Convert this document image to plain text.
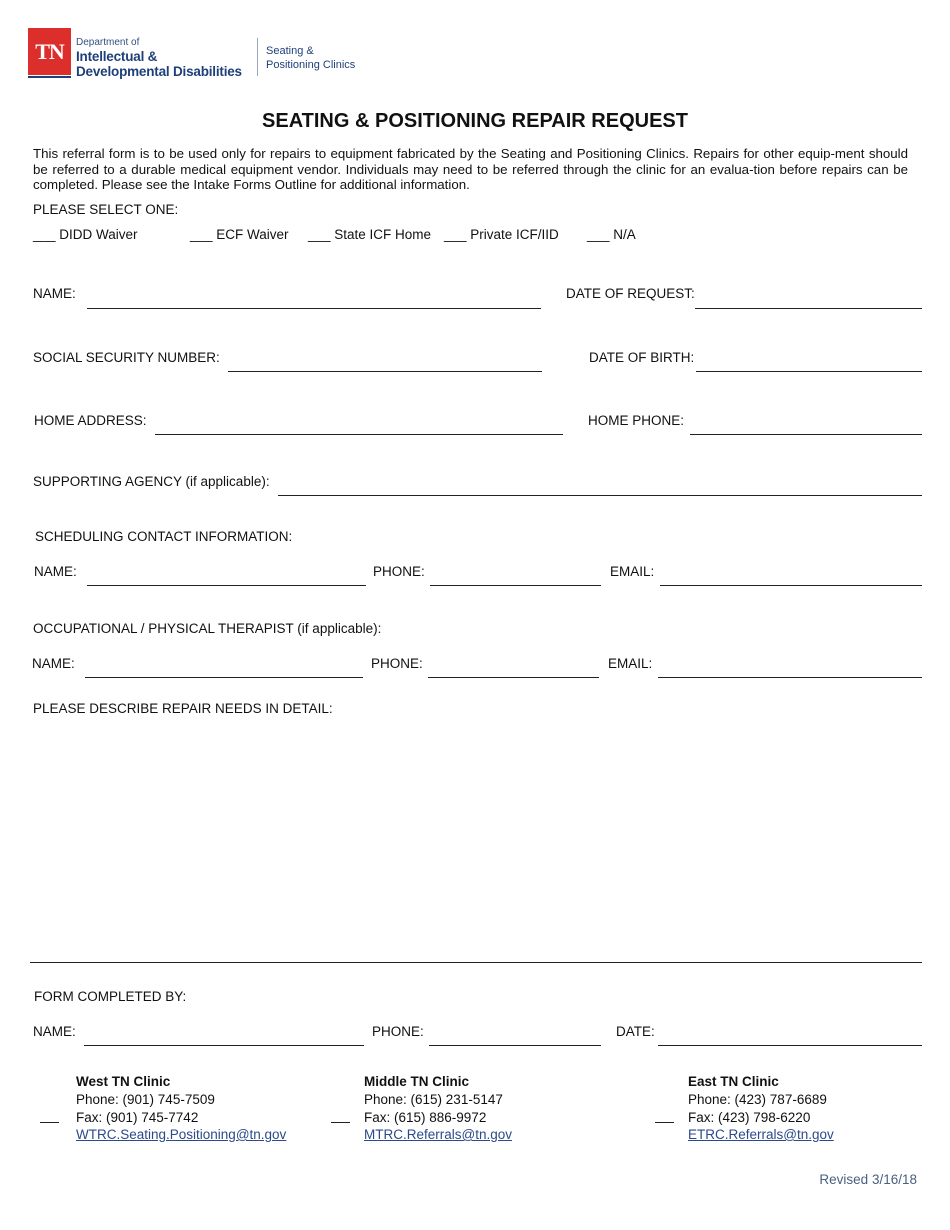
TN	Department of
Intellectual &
Developmental Disabilities
Seating &
Positioning Clinics
SEATING & POSITIONING REPAIR REQUEST
This referral form is to be used only for repairs to equipment fabricated by the Seating and Positioning Clinics. Repairs for other equip-ment should be referred to a durable medical equipment vendor. Individuals may need to be referred through the clinic for an evalua-tion before repairs can be completed. Please see the Intake Forms Outline for additional information.
PLEASE SELECT ONE:
___ DIDD Waiver	___ ECF Waiver ___ State ICF Home ___ Private ICF/IID ___ N/A
NAME:	DATE OF REQUEST:
SOCIAL SECURITY NUMBER:	DATE OF BIRTH:
HOME ADDRESS:	HOME PHONE:
SUPPORTING AGENCY (if applicable):
SCHEDULING CONTACT INFORMATION:
NAME:	PHONE:	EMAIL:
OCCUPATIONAL / PHYSICAL THERAPIST (if applicable):
NAME:	PHONE:	EMAIL:
PLEASE DESCRIBE REPAIR NEEDS IN DETAIL:
FORM COMPLETED BY:
NAME:	PHONE:	DATE:
West TN Clinic
Phone: (901) 745-7509
Fax: (901) 745-7742
WTRC.Seating.Positioning@tn.gov
Middle TN Clinic
Phone: (615) 231-5147
Fax: (615) 886-9972
MTRC.Referrals@tn.gov
East TN Clinic
Phone: (423) 787-6689
Fax: (423) 798-6220
ETRC.Referrals@tn.gov
Revised 3/16/18
